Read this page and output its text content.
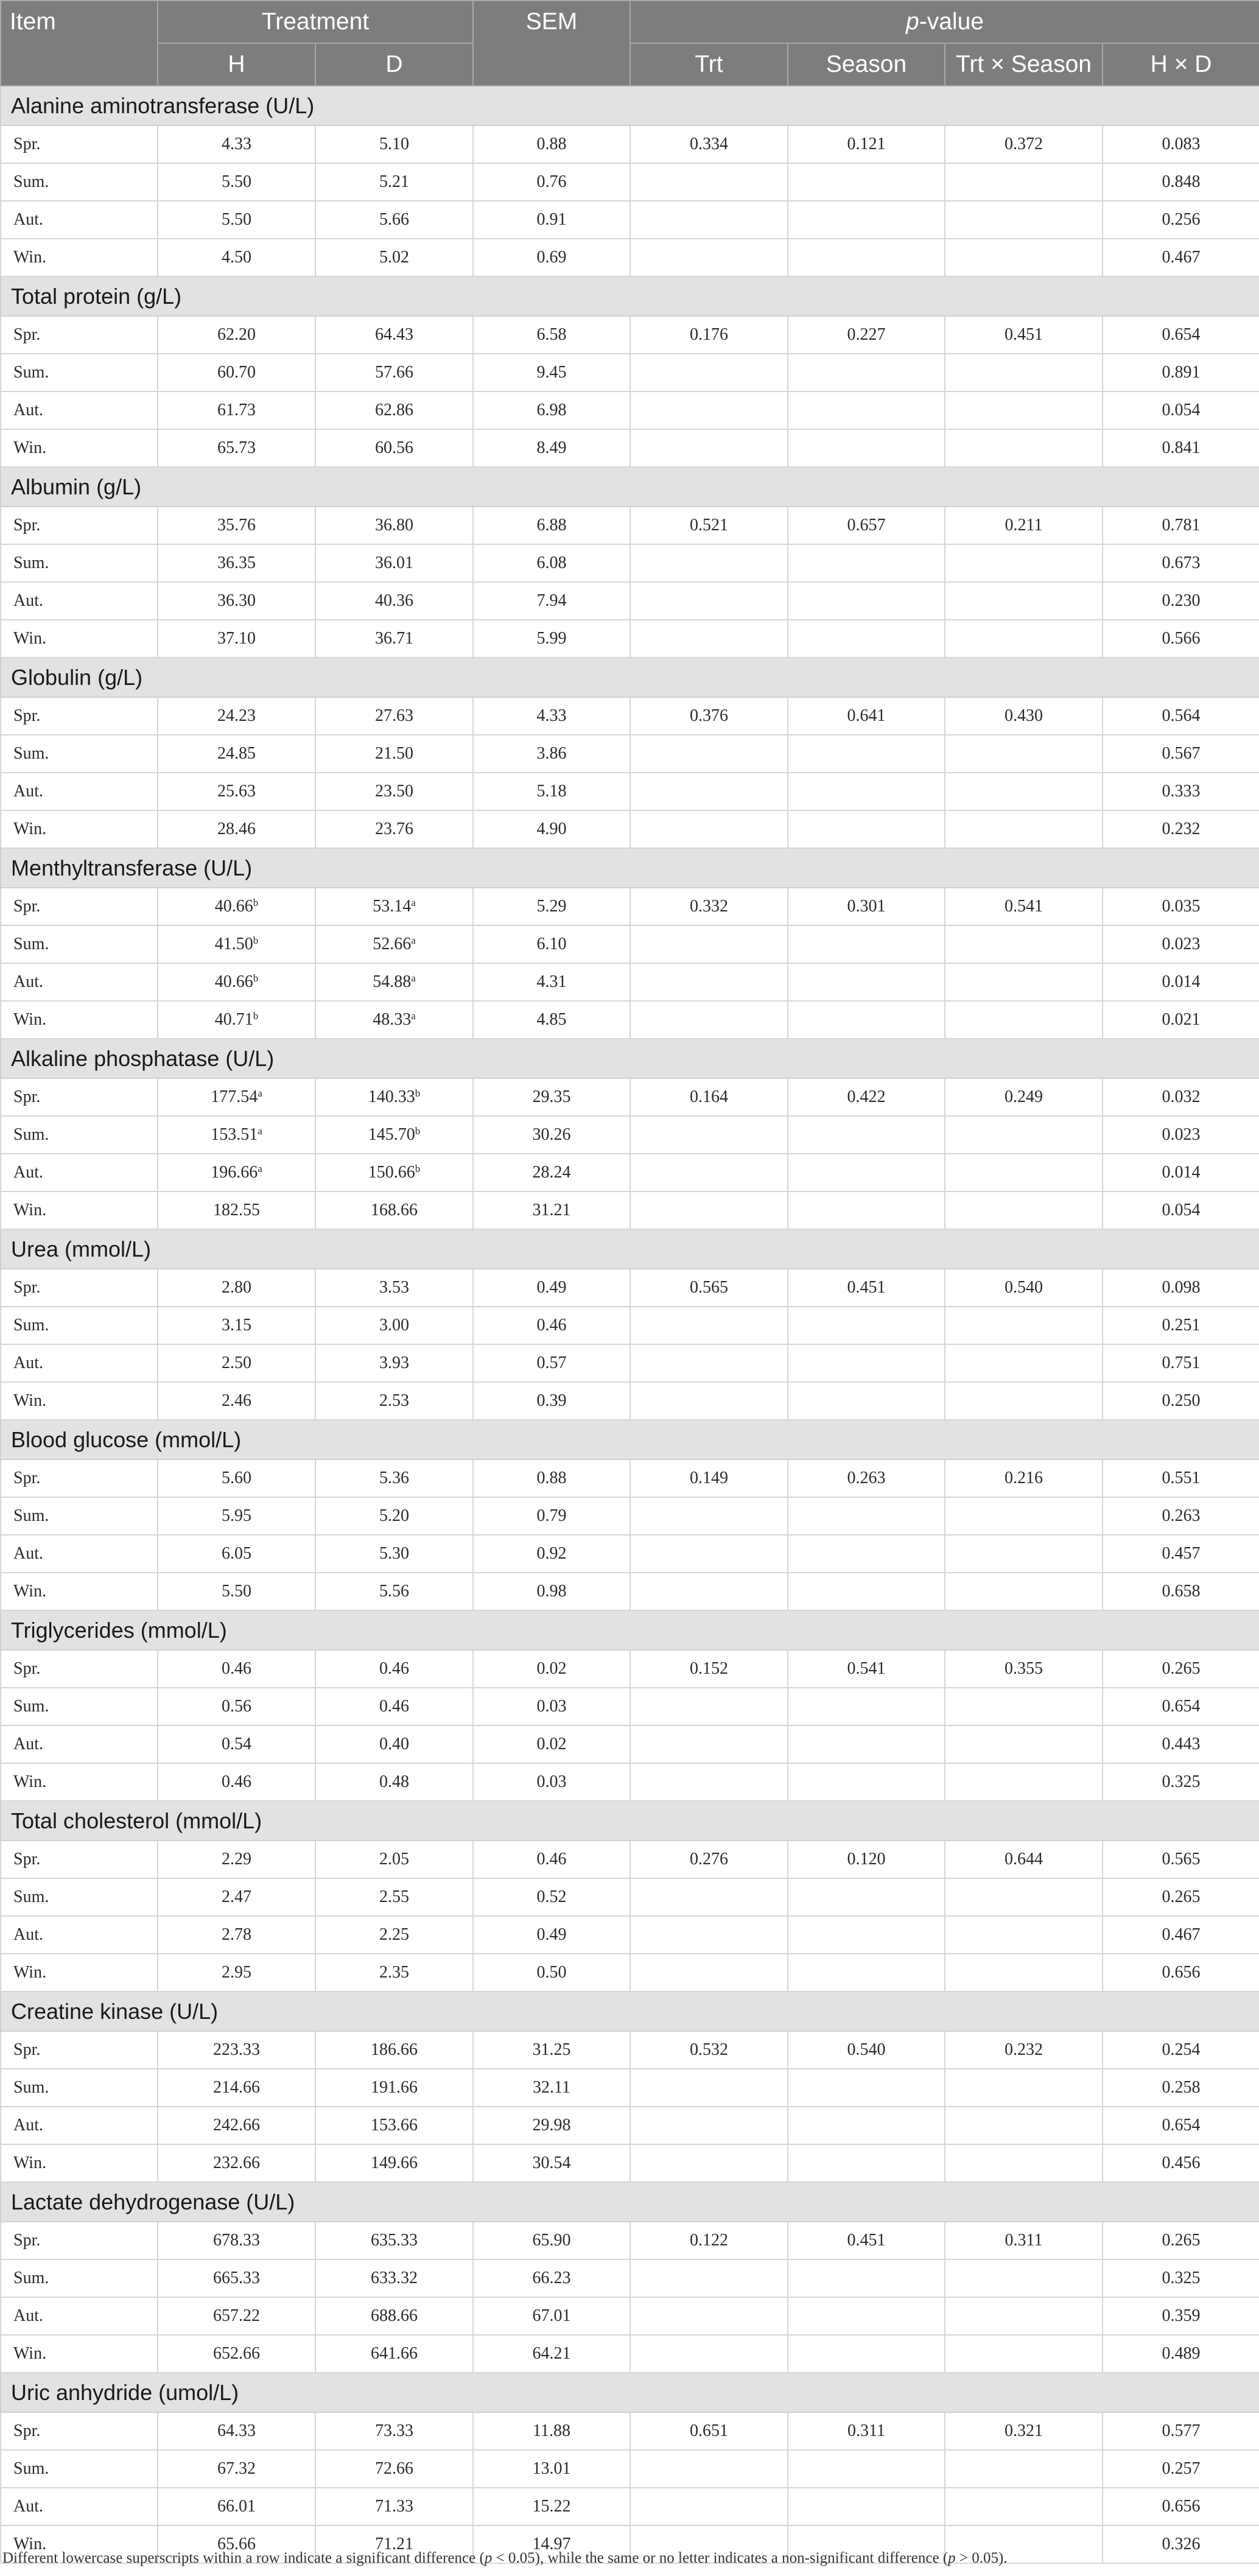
Item	Treatment		SEM	p-value			
	H	D		Trt	Season	Trt × Season	H × D
Alanine aminotransferase (U/L)							
Spr.	4.33	5.10	0.88	0.334	0.121	0.372	0.083
Sum.	5.50	5.21	0.76				0.848
Aut.	5.50	5.66	0.91				0.256
Win.	4.50	5.02	0.69				0.467
Total protein (g/L)							
Spr.	62.20	64.43	6.58	0.176	0.227	0.451	0.654
Sum.	60.70	57.66	9.45				0.891
Aut.	61.73	62.86	6.98				0.054
Win.	65.73	60.56	8.49				0.841
Albumin (g/L)							
Spr.	35.76	36.80	6.88	0.521	0.657	0.211	0.781
Sum.	36.35	36.01	6.08				0.673
Aut.	36.30	40.36	7.94				0.230
Win.	37.10	36.71	5.99				0.566
Globulin (g/L)							
Spr.	24.23	27.63	4.33	0.376	0.641	0.430	0.564
Sum.	24.85	21.50	3.86				0.567
Aut.	25.63	23.50	5.18				0.333
Win.	28.46	23.76	4.90				0.232
Menthyltransferase (U/L)							
Spr.	40.66$^b$	53.14$^a$	5.29	0.332	0.301	0.541	0.035
Sum.	41.50$^b$	52.66$^a$	6.10				0.023
Aut.	40.66$^b$	54.88$^a$	4.31				0.014
Win.	40.71$^b$	48.33$^a$	4.85				0.021
Alkaline phosphatase (U/L)							
Spr.	177.54$^a$	140.33$^b$	29.35	0.164	0.422	0.249	0.032
Sum.	153.51$^a$	145.70$^b$	30.26				0.023
Aut.	196.66$^a$	150.66$^b$	28.24				0.014
Win.	182.55	168.66	31.21				0.054
Urea (mmol/L)							
Spr.	2.80	3.53	0.49	0.565	0.451	0.540	0.098
Sum.	3.15	3.00	0.46				0.251
Aut.	2.50	3.93	0.57				0.751
Win.	2.46	2.53	0.39				0.250
Blood glucose (mmol/L)							
Spr.	5.60	5.36	0.88	0.149	0.263	0.216	0.551
Sum.	5.95	5.20	0.79				0.263
Aut.	6.05	5.30	0.92				0.457
Win.	5.50	5.56	0.98				0.658
Triglycerides (mmol/L)							
Spr.	0.46	0.46	0.02	0.152	0.541	0.355	0.265
Sum.	0.56	0.46	0.03				0.654
Aut.	0.54	0.40	0.02				0.443
Win.	0.46	0.48	0.03				0.325
Total cholesterol (mmol/L)							
Spr.	2.29	2.05	0.46	0.276	0.120	0.644	0.565
Sum.	2.47	2.55	0.52				0.265
Aut.	2.78	2.25	0.49				0.467
Win.	2.95	2.35	0.50				0.656
Creatine kinase (U/L)							
Spr.	223.33	186.66	31.25	0.532	0.540	0.232	0.254
Sum.	214.66	191.66	32.11				0.258
Aut.	242.66	153.66	29.98				0.654
Win.	232.66	149.66	30.54				0.456
Lactate dehydrogenase (U/L)							
Spr.	678.33	635.33	65.90	0.122	0.451	0.311	0.265
Sum.	665.33	633.32	66.23				0.325
Aut.	657.22	688.66	67.01				0.359
Win.	652.66	641.66	64.21				0.489
Uric anhydride (umol/L)							
Spr.	64.33	73.33	11.88	0.651	0.311	0.321	0.577
Sum.	67.32	72.66	13.01				0.257
Aut.	66.01	71.33	15.22				0.656
Win.	65.66	71.21	14.97				0.326
Different lowercase superscripts within a row indicate a significant difference (p < 0.05), while the same or no letter indicates a non-significant difference (p > 0.05).
